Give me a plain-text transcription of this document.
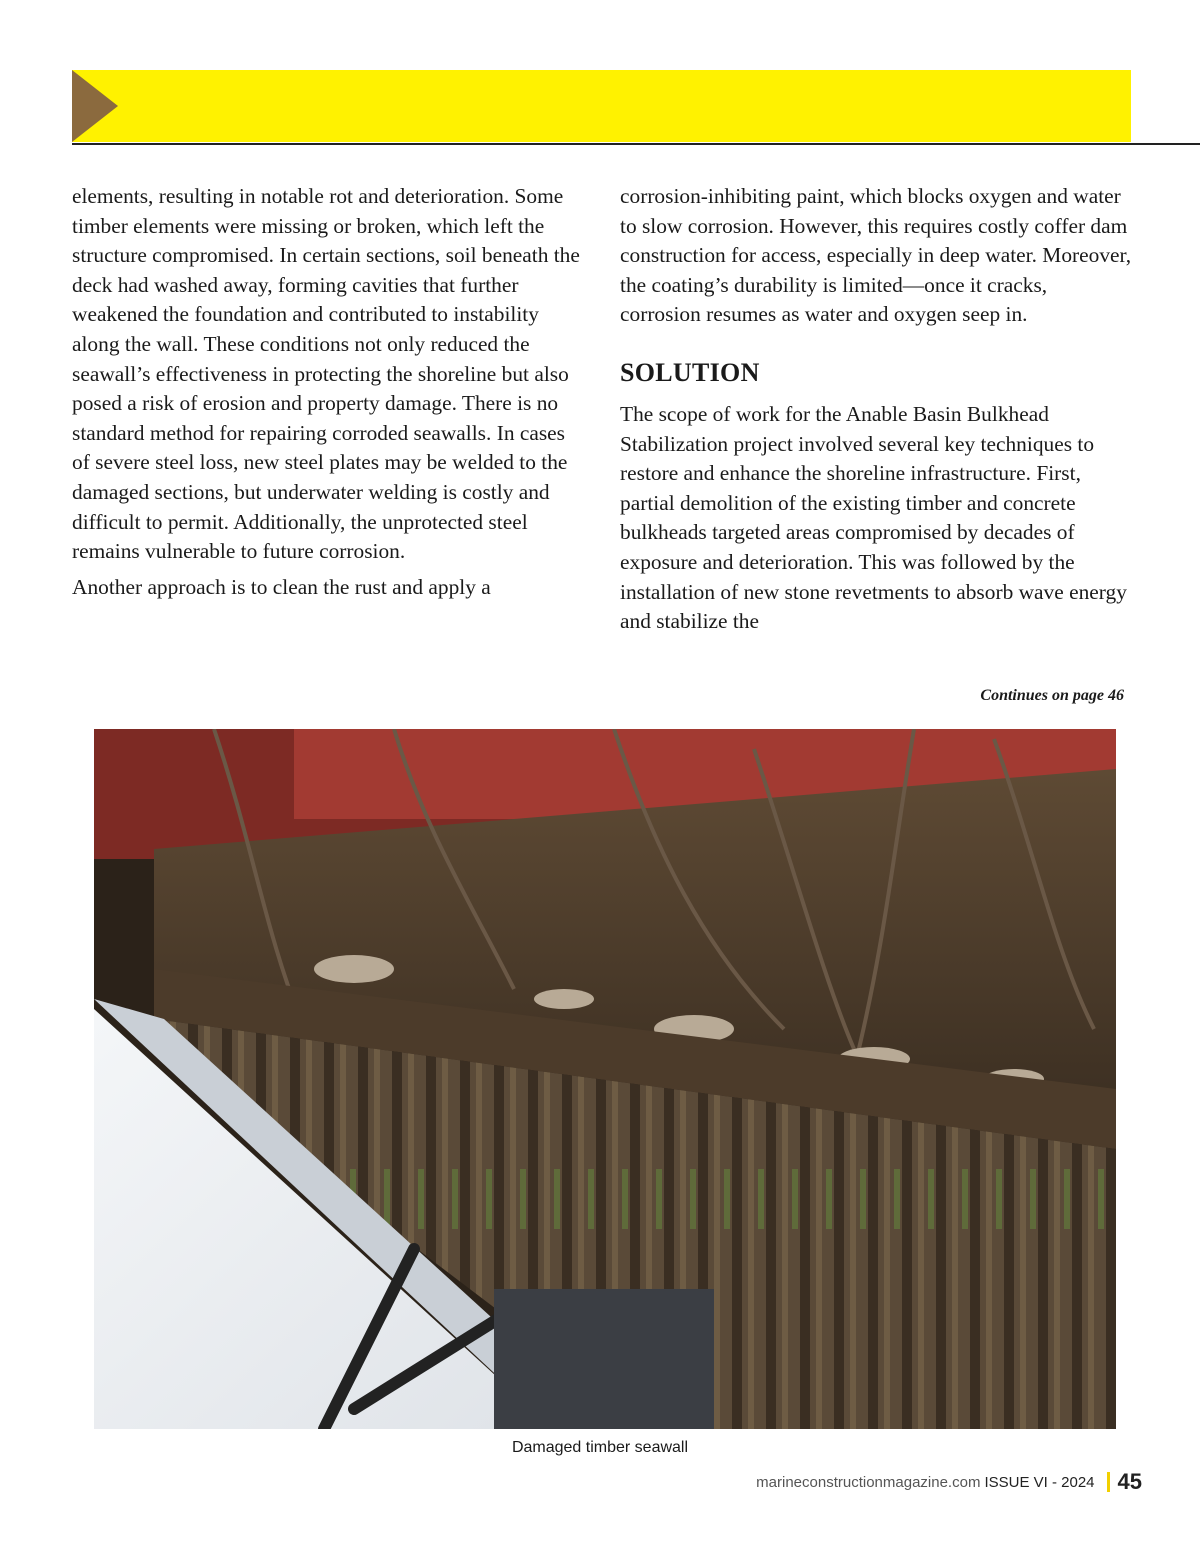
elements, resulting in notable rot and deterioration. Some timber elements were missing or broken, which left the structure compromised. In certain sections, soil beneath the deck had washed away, forming cavities that further weakened the foundation and contributed to instability along the wall. These conditions not only reduced the seawall’s effectiveness in protecting the shoreline but also posed a risk of erosion and property damage. There is no standard method for repairing corroded seawalls. In cases of severe steel loss, new steel plates may be welded to the damaged sections, but underwater welding is costly and difficult to permit. Additionally, the unprotected steel remains vulnerable to future corrosion.

Another approach is to clean the rust and apply a

corrosion-inhibiting paint, which blocks oxygen and water to slow corrosion. However, this requires costly coffer dam construction for access, especially in deep water. Moreover, the coating’s durability is limited—once it cracks, corrosion resumes as water and oxygen seep in.

SOLUTION

The scope of work for the Anable Basin Bulkhead Stabilization project involved several key techniques to restore and enhance the shoreline infrastructure. First, partial demolition of the existing timber and concrete bulkheads targeted areas compromised by decades of exposure and deterioration. This was followed by the installation of new stone revetments to absorb wave energy and stabilize the

Continues on page 46
Damaged timber seawall
marineconstructionmagazine.com ISSUE VI - 2024 45
